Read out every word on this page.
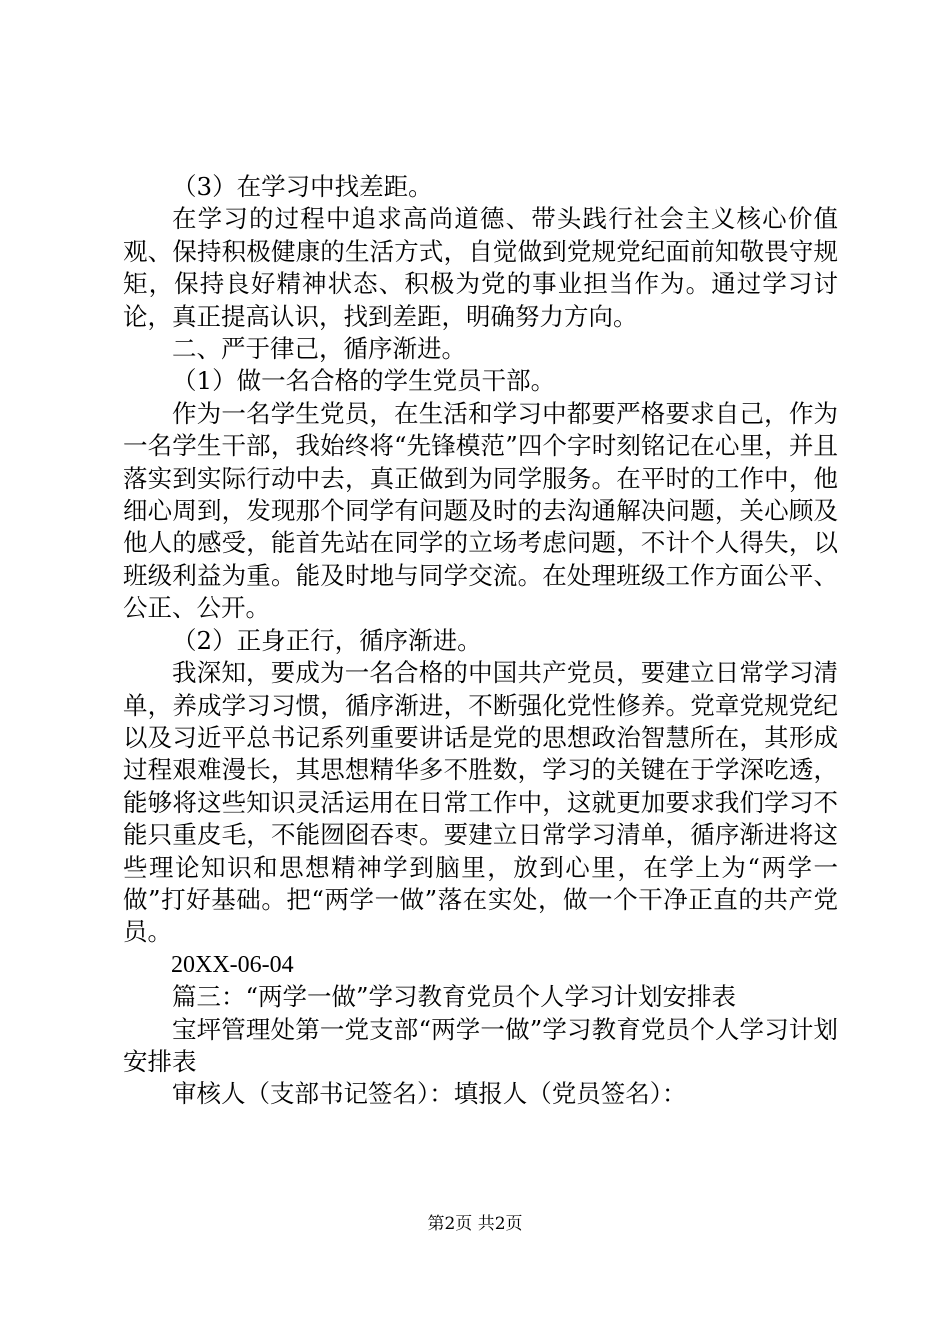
（3）在学习中找差距。

在学习的过程中追求高尚道德、带头践行社会主义核心价值观、保持积极健康的生活方式，自觉做到党规党纪面前知敬畏守规矩，保持良好精神状态、积极为党的事业担当作为。通过学习讨论，真正提高认识，找到差距，明确努力方向。

二、严于律己，循序渐进。

（1）做一名合格的学生党员干部。

作为一名学生党员，在生活和学习中都要严格要求自己，作为一名学生干部，我始终将“先锋模范”四个字时刻铭记在心里，并且落实到实际行动中去，真正做到为同学服务。在平时的工作中，他细心周到，发现那个同学有问题及时的去沟通解决问题，关心顾及他人的感受，能首先站在同学的立场考虑问题，不计个人得失，以班级利益为重。能及时地与同学交流。在处理班级工作方面公平、公正、公开。

（2）正身正行，循序渐进。

我深知，要成为一名合格的中国共产党员，要建立日常学习清单，养成学习习惯，循序渐进，不断强化党性修养。党章党规党纪以及习近平总书记系列重要讲话是党的思想政治智慧所在，其形成过程艰难漫长，其思想精华多不胜数，学习的关键在于学深吃透，能够将这些知识灵活运用在日常工作中，这就更加要求我们学习不能只重皮毛，不能囫囵吞枣。要建立日常学习清单，循序渐进将这些理论知识和思想精神学到脑里，放到心里，在学上为“两学一做”打好基础。把“两学一做”落在实处，做一个干净正直的共产党员。

20XX-06-04

篇三：“两学一做”学习教育党员个人学习计划安排表

宝坪管理处第一党支部“两学一做”学习教育党员个人学习计划安排表

审核人（支部书记签名）：填报人（党员签名）：

第2页 共2页
